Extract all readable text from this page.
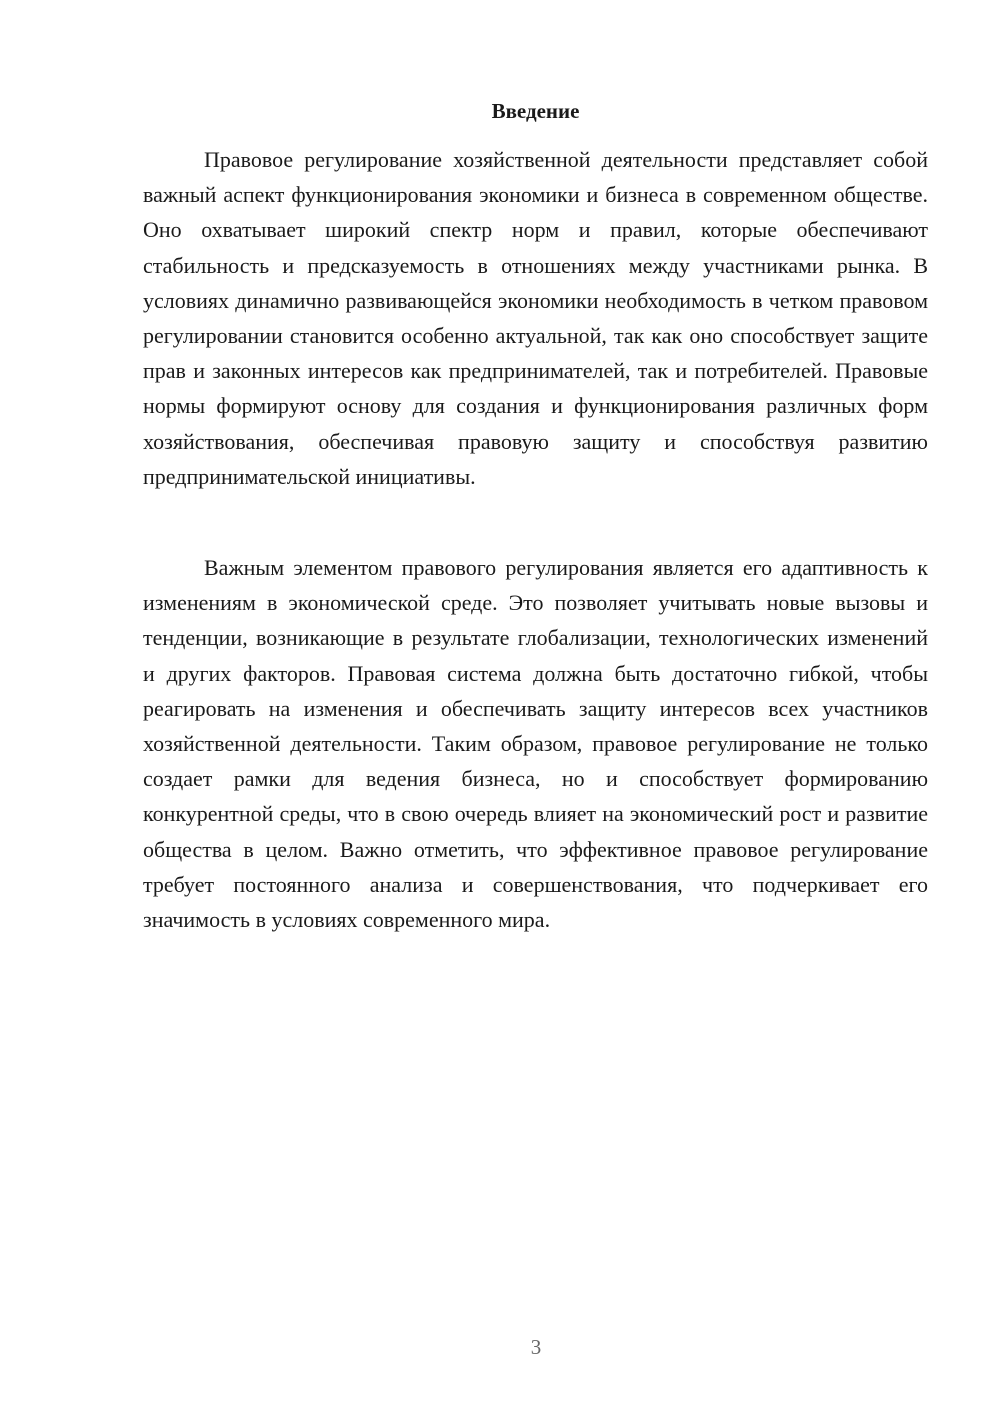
Введение

Правовое регулирование хозяйственной деятельности представляет собой важный аспект функционирования экономики и бизнеса в современном обществе. Оно охватывает широкий спектр норм и правил, которые обеспечивают стабильность и предсказуемость в отношениях между участниками рынка. В условиях динамично развивающейся экономики необходимость в четком правовом регулировании становится особенно актуальной, так как оно способствует защите прав и законных интересов как предпринимателей, так и потребителей. Правовые нормы формируют основу для создания и функционирования различных форм хозяйствования, обеспечивая правовую защиту и способствуя развитию предпринимательской инициативы.

Важным элементом правового регулирования является его адаптивность к изменениям в экономической среде. Это позволяет учитывать новые вызовы и тенденции, возникающие в результате глобализации, технологических изменений и других факторов. Правовая система должна быть достаточно гибкой, чтобы реагировать на изменения и обеспечивать защиту интересов всех участников хозяйственной деятельности. Таким образом, правовое регулирование не только создает рамки для ведения бизнеса, но и способствует формированию конкурентной среды, что в свою очередь влияет на экономический рост и развитие общества в целом. Важно отметить, что эффективное правовое регулирование требует постоянного анализа и совершенствования, что подчеркивает его значимость в условиях современного мира.

3
